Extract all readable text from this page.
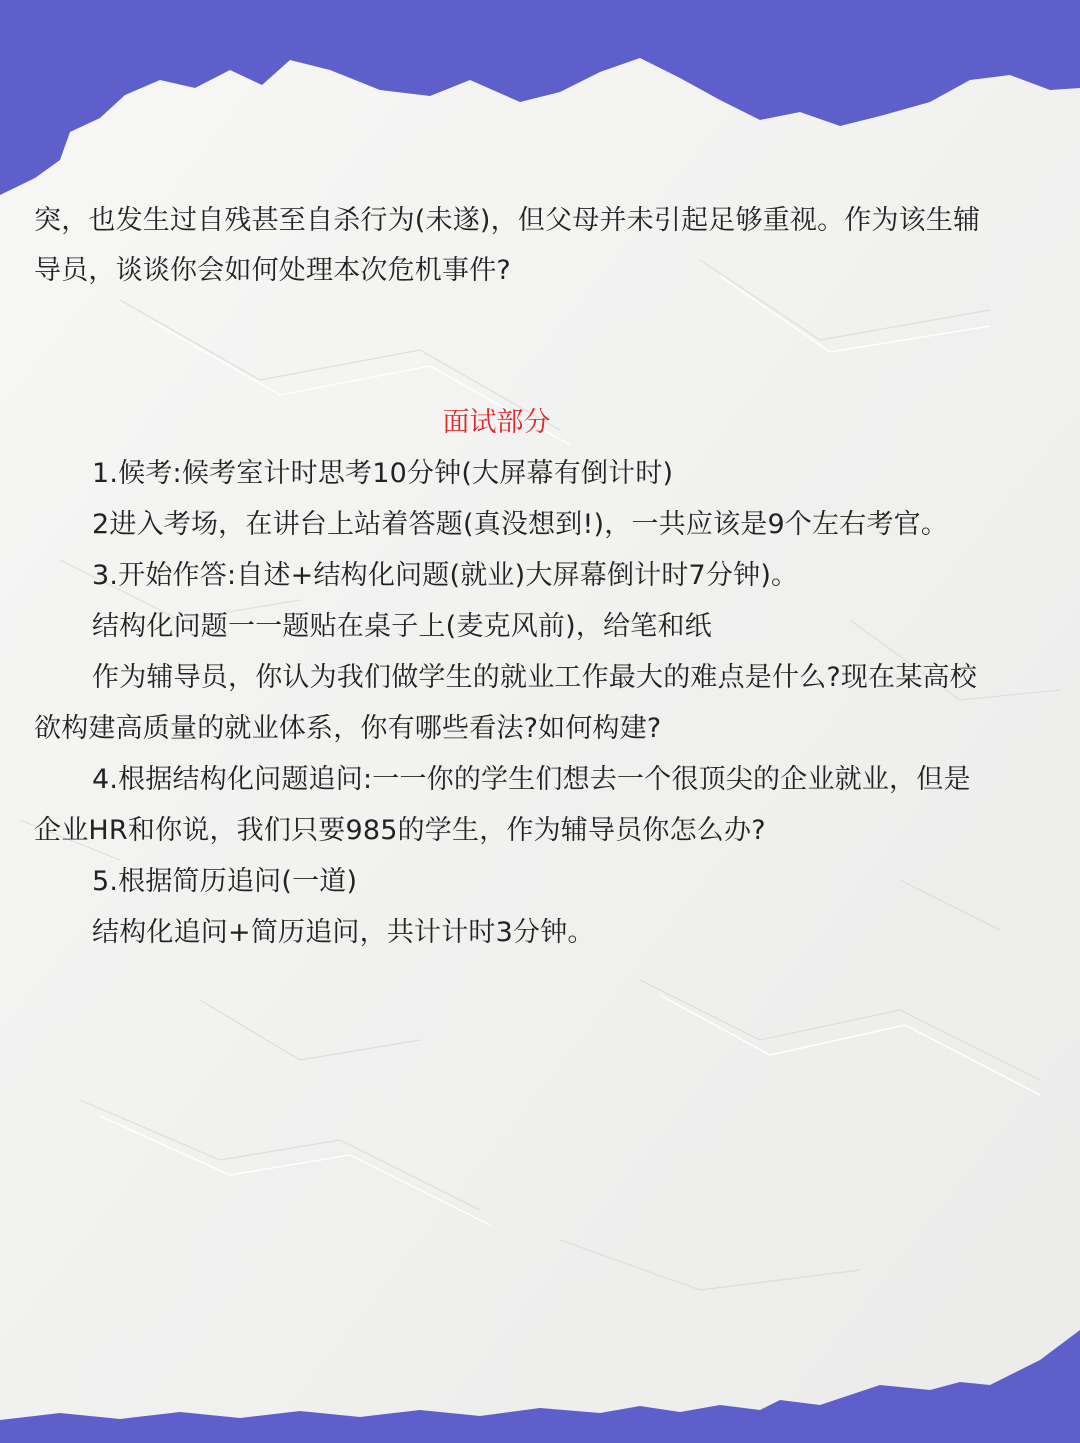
突，也发生过自残甚至自杀行为(未遂)，但父母并未引起足够重视。作为该生辅
导员，谈谈你会如何处理本次危机事件?
面试部分
1.候考:候考室计时思考10分钟(大屏幕有倒计时)
2进入考场，在讲台上站着答题(真没想到!)，一共应该是9个左右考官。
3.开始作答:自述+结构化问题(就业)大屏幕倒计时7分钟)。
结构化问题一一题贴在桌子上(麦克风前)，给笔和纸
作为辅导员，你认为我们做学生的就业工作最大的难点是什么?现在某高校
欲构建高质量的就业体系，你有哪些看法?如何构建?
4.根据结构化问题追问:一一你的学生们想去一个很顶尖的企业就业，但是
企业HR和你说，我们只要985的学生，作为辅导员你怎么办?
5.根据简历追问(一道)
结构化追问+简历追问，共计计时3分钟。
